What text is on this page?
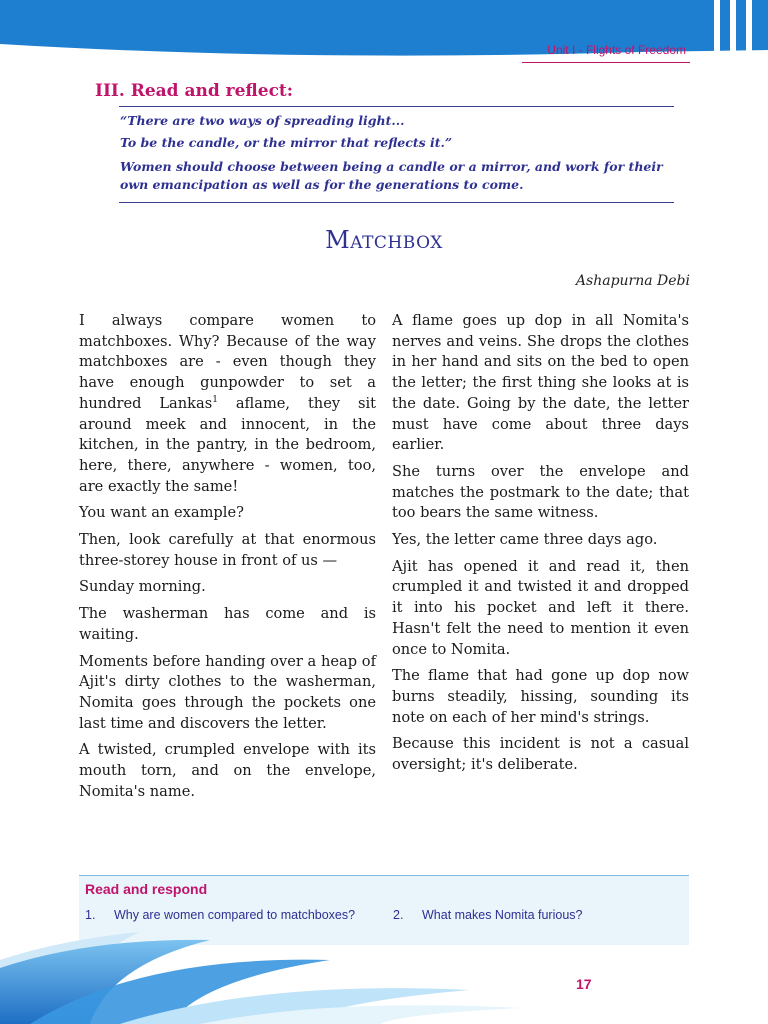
Unit I - Flights of Freedom
III. Read and reflect:

“There are two ways of spreading light...

To be the candle, or the mirror that reflects it.”

Women should choose between being a candle or a mirror, and work for their own emancipation as well as for the generations to come.

Matchbox
Ashapurna Debi

I always compare women to matchboxes. Why? Because of the way matchboxes are - even though they have enough gunpowder to set a hundred Lankas$^1$ aflame, they sit around meek and innocent, in the kitchen, in the pantry, in the bedroom, here, there, anywhere - women, too, are exactly the same!

You want an example?

Then, look carefully at that enormous three-storey house in front of us —

Sunday morning.

The washerman has come and is waiting.

Moments before handing over a heap of Ajit's dirty clothes to the washerman, Nomita goes through the pockets one last time and discovers the letter.

A twisted, crumpled envelope with its mouth torn, and on the envelope, Nomita's name.

A flame goes up dop in all Nomita's nerves and veins. She drops the clothes in her hand and sits on the bed to open the letter; the first thing she looks at is the date. Going by the date, the letter must have come about three days earlier.

She turns over the envelope and matches the postmark to the date; that too bears the same witness.

Yes, the letter came three days ago.

Ajit has opened it and read it, then crumpled it and twisted it and dropped it into his pocket and left it there. Hasn't felt the need to mention it even once to Nomita.

The flame that had gone up dop now burns steadily, hissing, sounding its note on each of her mind's strings.

Because this incident is not a casual oversight; it's deliberate.

Read and respond
1. Why are women compared to matchboxes?	2. What makes Nomita furious?
17
